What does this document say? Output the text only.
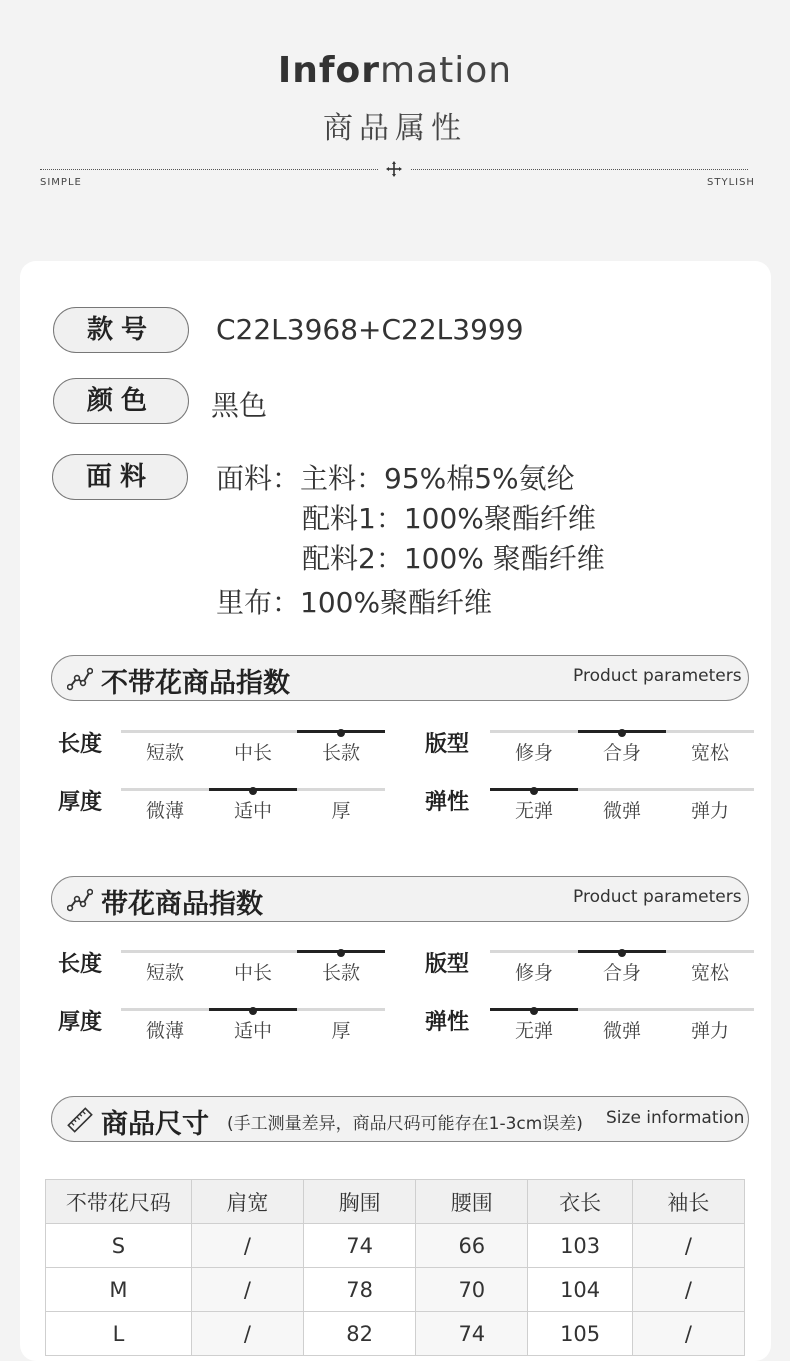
Information
商品属性
SIMPLE	STYLISH
款号	C22L3968+C22L3999
颜色	黑色
面料	面料：主料：95%棉5%氨纶
配料1：100%聚酯纤维
配料2：100% 聚酯纤维
里布：100%聚酯纤维
不带花商品指数	Product parameters
带花商品指数	Product parameters
长度	短款	中长	长款	版型	修身	合身	宽松
厚度	微薄	适中	厚	弹性	无弹	微弹	弹力
长度	短款	中长	长款	版型	修身	合身	宽松
厚度	微薄	适中	厚	弹性	无弹	微弹	弹力
商品尺寸 (手工测量差异，商品尺码可能存在1-3cm误差) Size information
不带花尺码	肩宽	胸围	腰围	衣长	袖长
S	/	74	66	103	/
M	/	78	70	104	/
L	/	82	74	105	/
